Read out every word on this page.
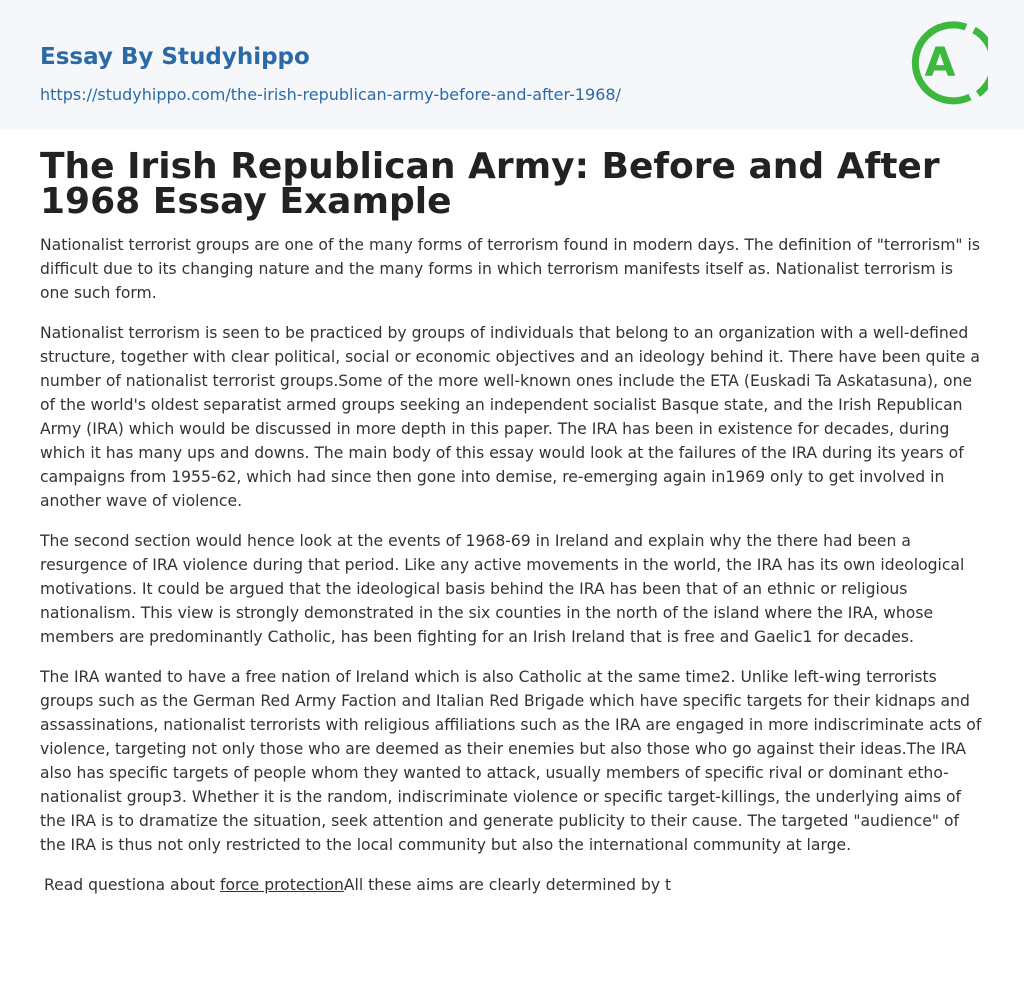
Essay By Studyhippo
https://studyhippo.com/the-irish-republican-army-before-and-after-1968/
A
The Irish Republican Army: Before and After 1968 Essay Example

Nationalist terrorist groups are one of the many forms of terrorism found in modern days. The definition of "terrorism" is difficult due to its changing nature and the many forms in which terrorism manifests itself as. Nationalist terrorism is one such form.

Nationalist terrorism is seen to be practiced by groups of individuals that belong to an organization with a well-defined structure, together with clear political, social or economic objectives and an ideology behind it. There have been quite a number of nationalist terrorist groups.Some of the more well-known ones include the ETA (Euskadi Ta Askatasuna), one of the world's oldest separatist armed groups seeking an independent socialist Basque state, and the Irish Republican Army (IRA) which would be discussed in more depth in this paper. The IRA has been in existence for decades, during which it has many ups and downs. The main body of this essay would look at the failures of the IRA during its years of campaigns from 1955-62, which had since then gone into demise, re-emerging again in1969 only to get involved in another wave of violence.

The second section would hence look at the events of 1968-69 in Ireland and explain why the there had been a resurgence of IRA violence during that period. Like any active movements in the world, the IRA has its own ideological motivations. It could be argued that the ideological basis behind the IRA has been that of an ethnic or religious nationalism. This view is strongly demonstrated in the six counties in the north of the island where the IRA, whose members are predominantly Catholic, has been fighting for an Irish Ireland that is free and Gaelic1 for decades.

The IRA wanted to have a free nation of Ireland which is also Catholic at the same time2. Unlike left-wing terrorists groups such as the German Red Army Faction and Italian Red Brigade which have specific targets for their kidnaps and assassinations, nationalist terrorists with religious affiliations such as the IRA are engaged in more indiscriminate acts of violence, targeting not only those who are deemed as their enemies but also those who go against their ideas.The IRA also has specific targets of people whom they wanted to attack, usually members of specific rival or dominant etho-nationalist group3. Whether it is the random, indiscriminate violence or specific target-killings, the underlying aims of the IRA is to dramatize the situation, seek attention and generate publicity to their cause. The targeted "audience" of the IRA is thus not only restricted to the local community but also the international community at large.

Read questiona about force protectionAll these aims are clearly determined by t
